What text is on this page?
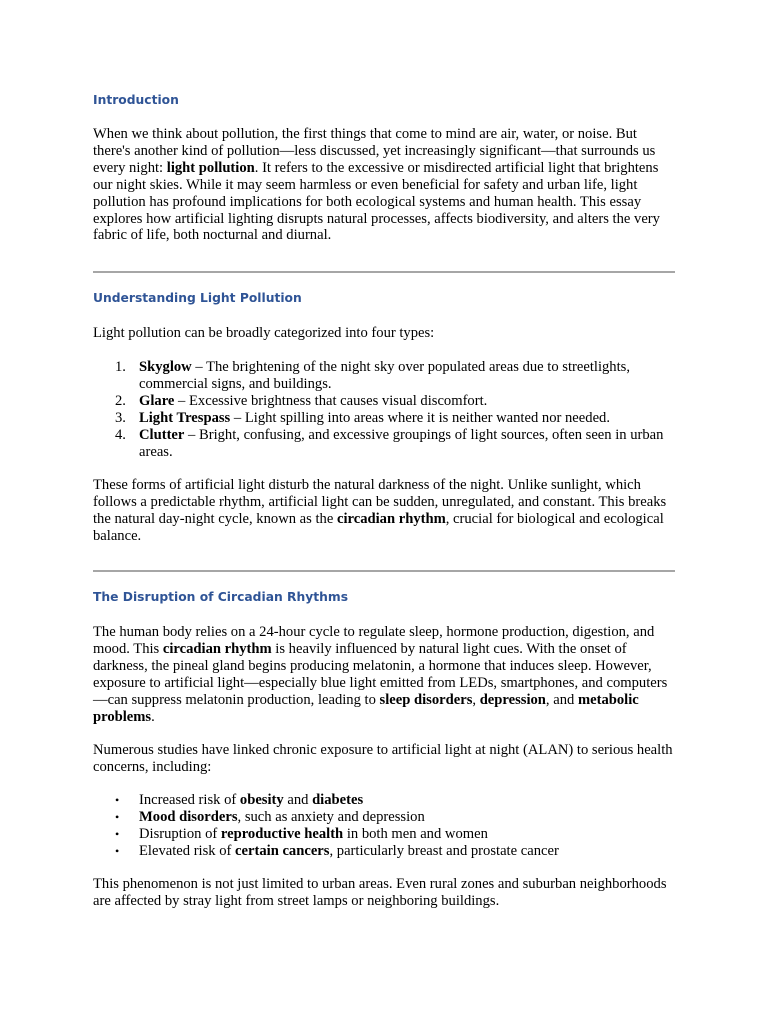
Introduction

When we think about pollution, the first things that come to mind are air, water, or noise. But there's another kind of pollution—less discussed, yet increasingly significant—that surrounds us every night: light pollution. It refers to the excessive or misdirected artificial light that brightens our night skies. While it may seem harmless or even beneficial for safety and urban life, light pollution has profound implications for both ecological systems and human health. This essay explores how artificial lighting disrupts natural processes, affects biodiversity, and alters the very fabric of life, both nocturnal and diurnal.

Understanding Light Pollution

Light pollution can be broadly categorized into four types:

1. Skyglow – The brightening of the night sky over populated areas due to streetlights, commercial signs, and buildings.
2. Glare – Excessive brightness that causes visual discomfort.
3. Light Trespass – Light spilling into areas where it is neither wanted nor needed.
4. Clutter – Bright, confusing, and excessive groupings of light sources, often seen in urban areas.

These forms of artificial light disturb the natural darkness of the night. Unlike sunlight, which follows a predictable rhythm, artificial light can be sudden, unregulated, and constant. This breaks the natural day-night cycle, known as the circadian rhythm, crucial for biological and ecological balance.

The Disruption of Circadian Rhythms

The human body relies on a 24-hour cycle to regulate sleep, hormone production, digestion, and mood. This circadian rhythm is heavily influenced by natural light cues. With the onset of darkness, the pineal gland begins producing melatonin, a hormone that induces sleep. However, exposure to artificial light—especially blue light emitted from LEDs, smartphones, and computers—can suppress melatonin production, leading to sleep disorders, depression, and metabolic problems.

Numerous studies have linked chronic exposure to artificial light at night (ALAN) to serious health concerns, including:

• Increased risk of obesity and diabetes
• Mood disorders, such as anxiety and depression
• Disruption of reproductive health in both men and women
• Elevated risk of certain cancers, particularly breast and prostate cancer

This phenomenon is not just limited to urban areas. Even rural zones and suburban neighborhoods are affected by stray light from street lamps or neighboring buildings.
